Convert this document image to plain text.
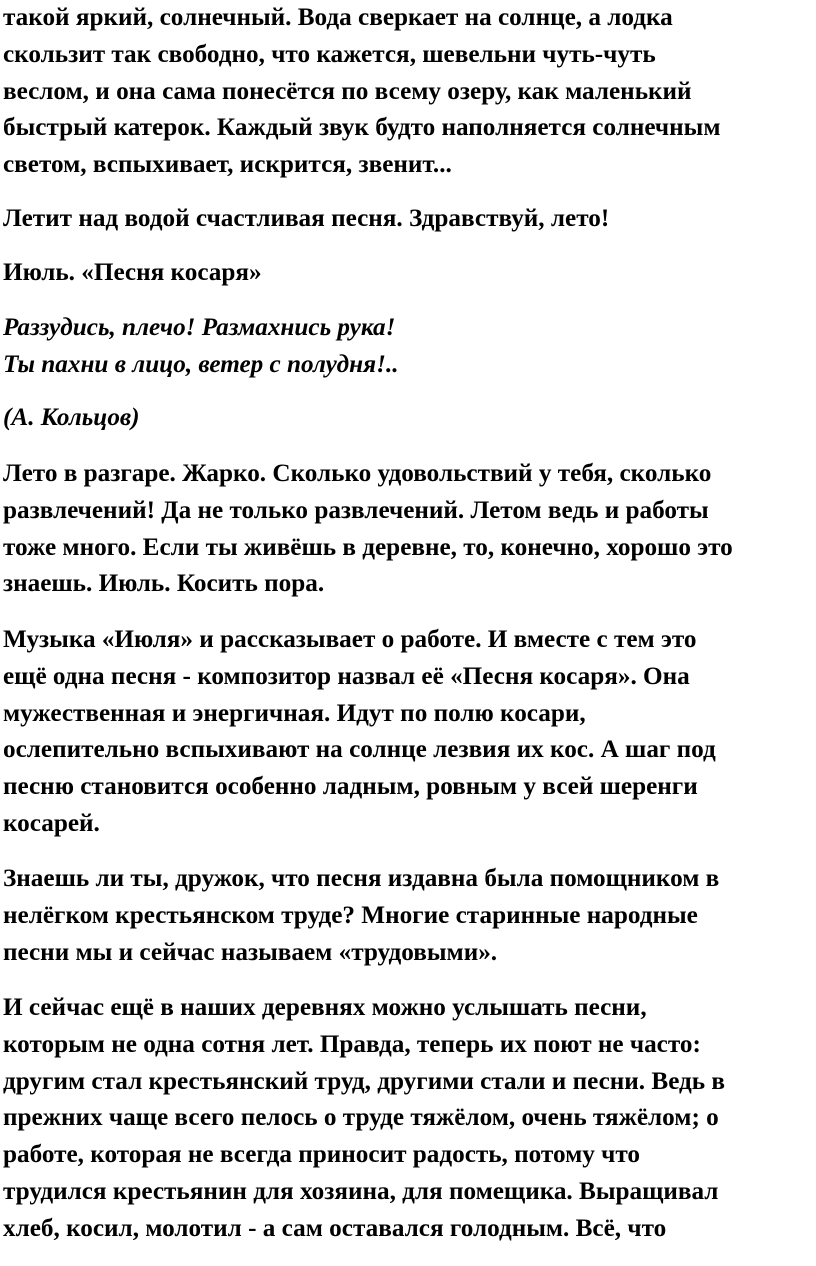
такой яркий, солнечный. Вода сверкает на солнце, а лодка
скользит так свободно, что кажется, шевельни чуть-чуть
веслом, и она сама понесётся по всему озеру, как маленький
быстрый катерок. Каждый звук будто наполняется солнечным
светом, вспыхивает, искрится, звенит...

Летит над водой счастливая песня. Здравствуй, лето!

Июль. «Песня косаря»

Раззудись, плечо! Размахнись рука!
Ты пахни в лицо, ветер с полудня!..

(А. Кольцов)

Лето в разгаре. Жарко. Сколько удовольствий у тебя, сколько
развлечений! Да не только развлечений. Летом ведь и работы
тоже много. Если ты живёшь в деревне, то, конечно, хорошо это
знаешь. Июль. Косить пора.

Музыка «Июля» и рассказывает о работе. И вместе с тем это
ещё одна песня - композитор назвал её «Песня косаря». Она
мужественная и энергичная. Идут по полю косари,
ослепительно вспыхивают на солнце лезвия их кос. А шаг под
песню становится особенно ладным, ровным у всей шеренги
косарей.

Знаешь ли ты, дружок, что песня издавна была помощником в
нелёгком крестьянском труде? Многие старинные народные
песни мы и сейчас называем «трудовыми».

И сейчас ещё в наших деревнях можно услышать песни,
которым не одна сотня лет. Правда, теперь их поют не часто:
другим стал крестьянский труд, другими стали и песни. Ведь в
прежних чаще всего пелось о труде тяжёлом, очень тяжёлом; о
работе, которая не всегда приносит радость, потому что
трудился крестьянин для хозяина, для помещика. Выращивал
хлеб, косил, молотил - а сам оставался голодным. Всё, что
